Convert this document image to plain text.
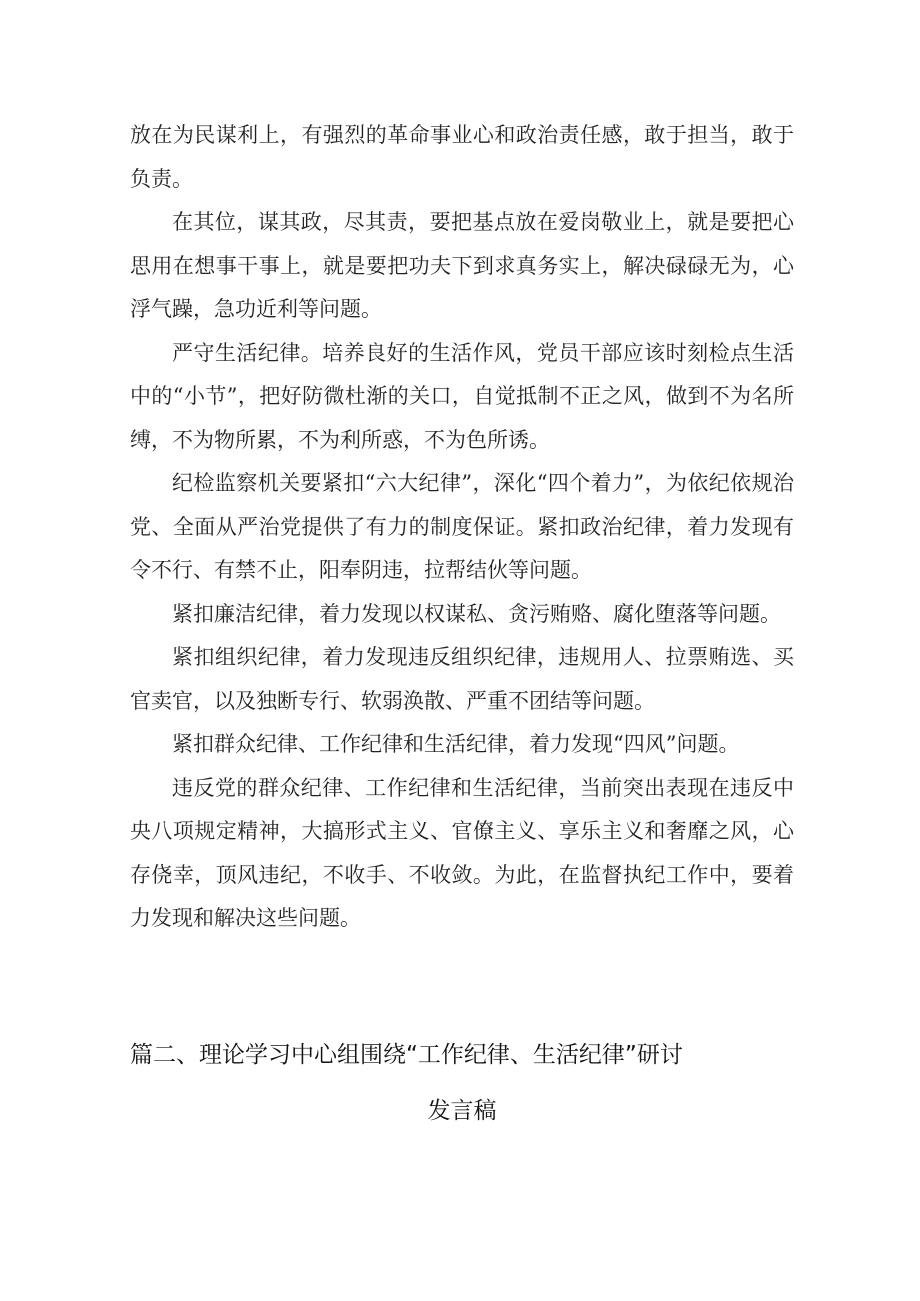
放在为民谋利上，有强烈的革命事业心和政治责任感，敢于担当，敢于负责。

在其位，谋其政，尽其责，要把基点放在爱岗敬业上，就是要把心思用在想事干事上，就是要把功夫下到求真务实上，解决碌碌无为，心浮气躁，急功近利等问题。

严守生活纪律。培养良好的生活作风，党员干部应该时刻检点生活中的“小节”，把好防微杜渐的关口，自觉抵制不正之风，做到不为名所缚，不为物所累，不为利所惑，不为色所诱。

纪检监察机关要紧扣“六大纪律”，深化“四个着力”，为依纪依规治党、全面从严治党提供了有力的制度保证。紧扣政治纪律，着力发现有令不行、有禁不止，阳奉阴违，拉帮结伙等问题。

紧扣廉洁纪律，着力发现以权谋私、贪污贿赂、腐化堕落等问题。

紧扣组织纪律，着力发现违反组织纪律，违规用人、拉票贿选、买官卖官，以及独断专行、软弱涣散、严重不团结等问题。

紧扣群众纪律、工作纪律和生活纪律，着力发现“四风”问题。

违反党的群众纪律、工作纪律和生活纪律，当前突出表现在违反中央八项规定精神，大搞形式主义、官僚主义、享乐主义和奢靡之风，心存侥幸，顶风违纪，不收手、不收敛。为此，在监督执纪工作中，要着力发现和解决这些问题。

篇二、理论学习中心组围绕“工作纪律、生活纪律”研讨
发言稿
